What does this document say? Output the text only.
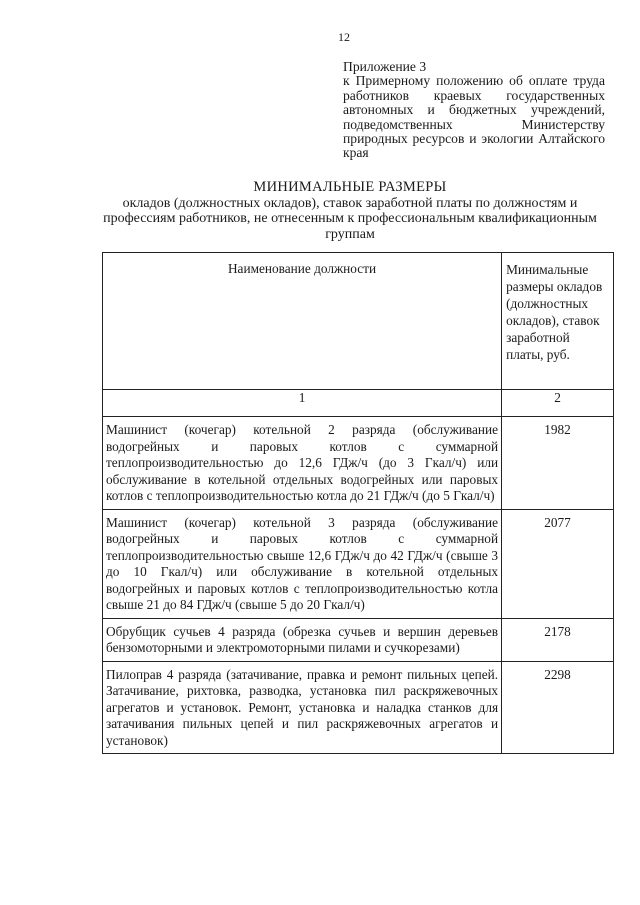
12
Приложение 3
к Примерному положению об оплате труда работников краевых государственных автономных и бюджетных учреждений, подведомственных Министерству природных ресурсов и экологии Алтайского края
МИНИМАЛЬНЫЕ РАЗМЕРЫ
окладов (должностных окладов), ставок заработной платы по должностям и профессиям работников, не отнесенным к профессиональным квалификационным группам
Наименование должности	Минимальные размеры окладов (должностных окладов), ставок заработной платы, руб.
1	2
Машинист (кочегар) котельной 2 разряда (обслуживание водогрейных и паровых котлов с суммарной теплопроизводительностью до 12,6 ГДж/ч (до 3 Гкал/ч) или обслуживание в котельной отдельных водогрейных или паровых котлов с теплопроизводительностью котла до 21 ГДж/ч (до 5 Гкал/ч)	1982
Машинист (кочегар) котельной 3 разряда (обслуживание водогрейных и паровых котлов с суммарной теплопроизводительностью свыше 12,6 ГДж/ч до 42 ГДж/ч (свыше 3 до 10 Гкал/ч) или обслуживание в котельной отдельных водогрейных и паровых котлов с теплопроизводительностью котла свыше 21 до 84 ГДж/ч (свыше 5 до 20 Гкал/ч)	2077
Обрубщик сучьев 4 разряда (обрезка сучьев и вершин деревьев бензомоторными и электромоторными пилами и сучкорезами)	2178
Пилоправ 4 разряда (затачивание, правка и ремонт пильных цепей. Затачивание, рихтовка, разводка, установка пил раскряжевочных агрегатов и установок. Ремонт, установка и наладка станков для затачивания пильных цепей и пил раскряжевочных агрегатов и установок)	2298
